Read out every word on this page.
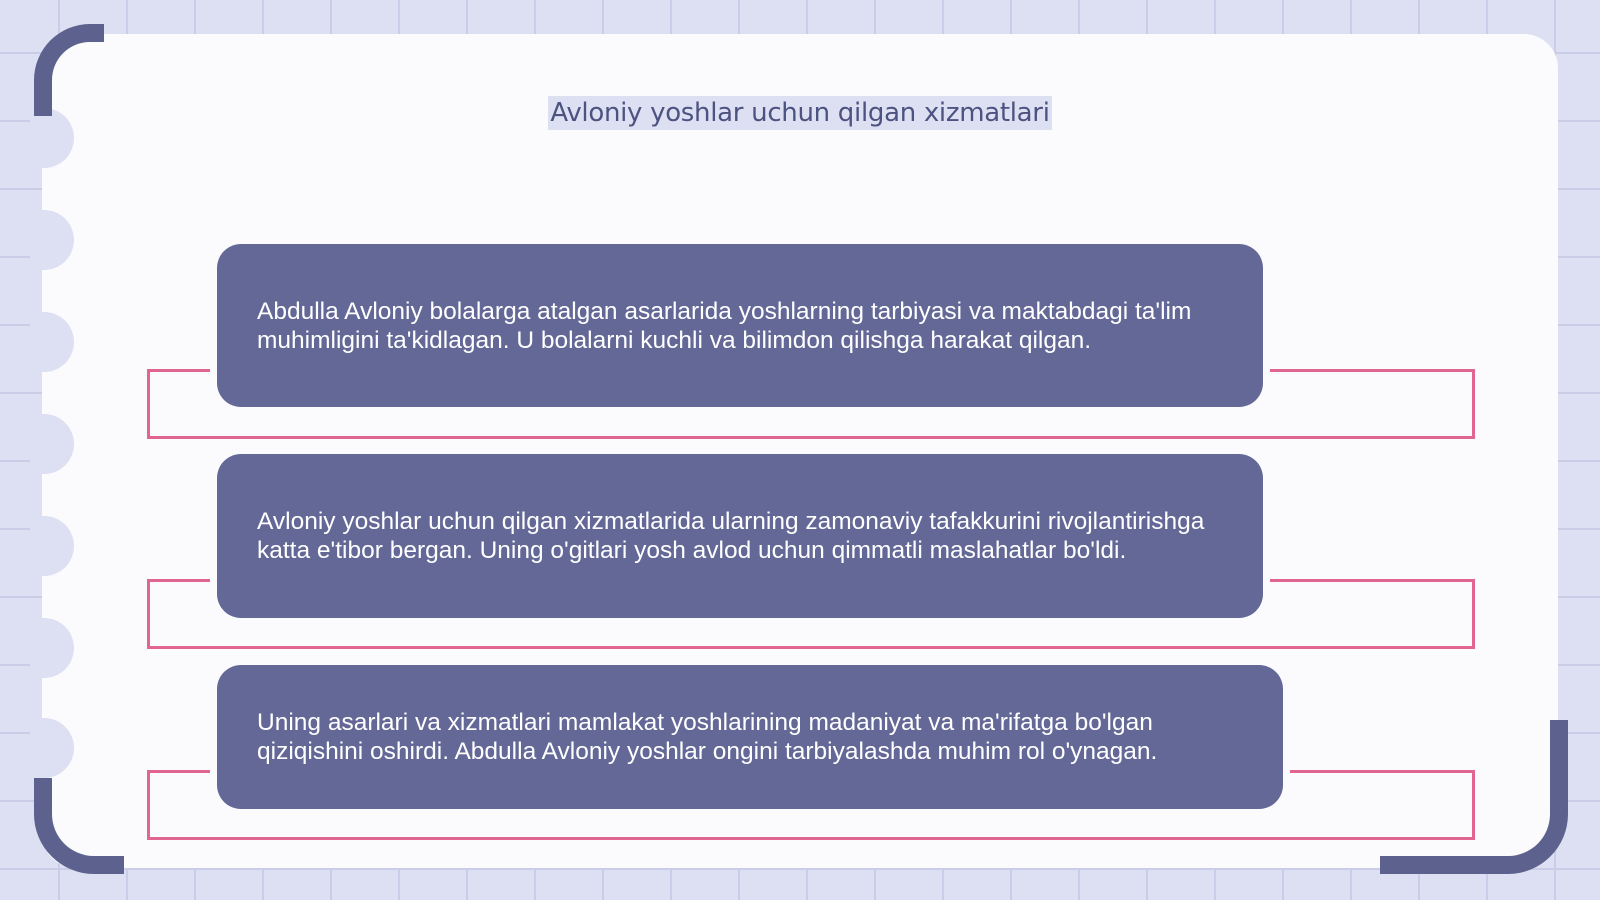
Avloniy yoshlar uchun qilgan xizmatlari
Abdulla Avloniy bolalarga atalgan asarlarida yoshlarning tarbiyasi va maktabdagi ta'lim muhimligini ta'kidlagan. U bolalarni kuchli va bilimdon qilishga harakat qilgan.
Avloniy yoshlar uchun qilgan xizmatlarida ularning zamonaviy tafakkurini rivojlantirishga katta e'tibor bergan. Uning o'gitlari yosh avlod uchun qimmatli maslahatlar bo'ldi.
Uning asarlari va xizmatlari mamlakat yoshlarining madaniyat va ma'rifatga bo'lgan qiziqishini oshirdi. Abdulla Avloniy yoshlar ongini tarbiyalashda muhim rol o'ynagan.
